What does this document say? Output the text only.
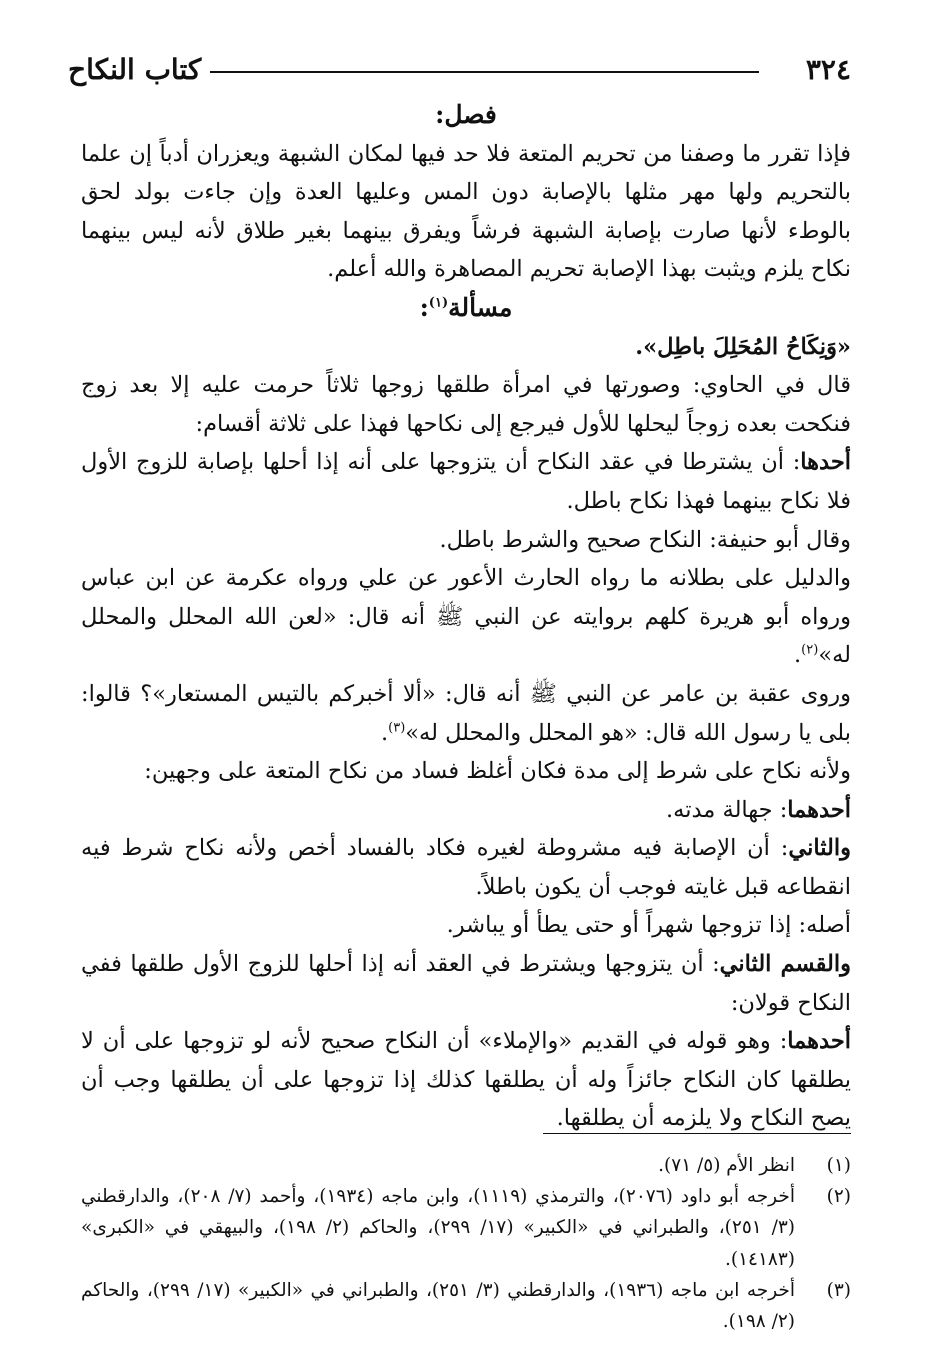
٣٢٤
كتاب النكاح

فصل:

فإذا تقرر ما وصفنا من تحريم المتعة فلا حد فيها لمكان الشبهة ويعزران أدباً إن علما بالتحريم ولها مهر مثلها بالإصابة دون المس وعليها العدة وإن جاءت بولد لحق بالوطء لأنها صارت بإصابة الشبهة فرشاً ويفرق بينهما بغير طلاق لأنه ليس بينهما نكاح يلزم ويثبت بهذا الإصابة تحريم المصاهرة والله أعلم.

مسألة$^{(١)}$:

«وَنِكَاحُ المُحَلِلَ باطِل».

قال في الحاوي: وصورتها في امرأة طلقها زوجها ثلاثاً حرمت عليه إلا بعد زوج فنكحت بعده زوجاً ليحلها للأول فيرجع إلى نكاحها فهذا على ثلاثة أقسام:

أحدها: أن يشترطا في عقد النكاح أن يتزوجها على أنه إذا أحلها بإصابة للزوج الأول فلا نكاح بينهما فهذا نكاح باطل.

وقال أبو حنيفة: النكاح صحيح والشرط باطل.

والدليل على بطلانه ما رواه الحارث الأعور عن علي ورواه عكرمة عن ابن عباس ورواه أبو هريرة كلهم بروايته عن النبي ﷺ أنه قال: «لعن الله المحلل والمحلل له»$^{(٢)}$.

وروى عقبة بن عامر عن النبي ﷺ أنه قال: «ألا أخبركم بالتيس المستعار»؟ قالوا: بلى يا رسول الله قال: «هو المحلل والمحلل له»$^{(٣)}$.

ولأنه نكاح على شرط إلى مدة فكان أغلظ فساد من نكاح المتعة على وجهين:

أحدهما: جهالة مدته.

والثاني: أن الإصابة فيه مشروطة لغيره فكاد بالفساد أخص ولأنه نكاح شرط فيه انقطاعه قبل غايته فوجب أن يكون باطلاً.

أصله: إذا تزوجها شهراً أو حتى يطأ أو يباشر.

والقسم الثاني: أن يتزوجها ويشترط في العقد أنه إذا أحلها للزوج الأول طلقها ففي النكاح قولان:

أحدهما: وهو قوله في القديم «والإملاء» أن النكاح صحيح لأنه لو تزوجها على أن لا يطلقها كان النكاح جائزاً وله أن يطلقها كذلك إذا تزوجها على أن يطلقها وجب أن يصح النكاح ولا يلزمه أن يطلقها.

(١)
انظر الأم (٥/ ٧١).

(٢)
أخرجه أبو داود (٢٠٧٦)، والترمذي (١١١٩)، وابن ماجه (١٩٣٤)، وأحمد (٧/ ٢٠٨)، والدارقطني (٣/ ٢٥١)، والطبراني في «الكبير» (١٧/ ٢٩٩)، والحاكم (٢/ ١٩٨)، والبيهقي في «الكبرى» (١٤١٨٣).

(٣)
أخرجه ابن ماجه (١٩٣٦)، والدارقطني (٣/ ٢٥١)، والطبراني في «الكبير» (١٧/ ٢٩٩)، والحاكم (٢/ ١٩٨).
